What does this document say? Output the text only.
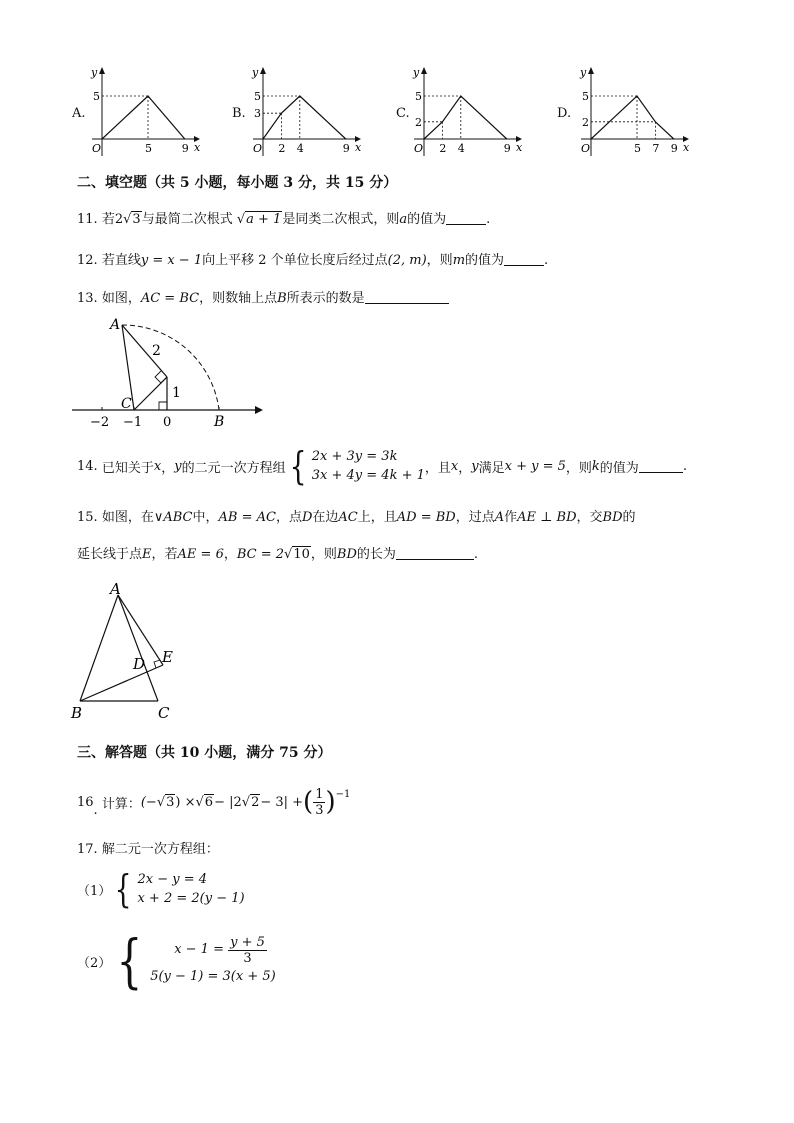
A.
x
y
O	5	9
5
B.
x
y
O 2 4	9
5
3	C.
x
y
O 2 4	9
5
2
D.
x
y
O	5 7 9
5
2
二、填空题（共 5 小题，每小题 3 分，共 15 分）
11. 若2√3与最简二次根式 √a + 1是同类二次根式，则a的值为	.
12. 若直线y = x − 1向上平移 2 个单位长度后经过点(2, m)，则m的值为	.
13. 如图，AC = BC，则数轴上点B所表示的数是
A
2
1
C
−2 −1 0	B
14.
已知关于 x ， y 的二元一次方程组 { 2x + 3y = 3k
3x + 4y = 4k + 1 ，且 x ， y 满足 x + y = 5 ，则 k 的值为	.
15. 如图，在∨ABC中，AB = AC，点D在边AC上，且AD = BD，过点A作AE ⊥ BD，交BD的
延长线于点E，若AE = 6，BC = 2√10，则BD的长为	.
A
B	C
D E
三、解答题（共 10 小题，满分 75 分）
16
.
计算： (− √ 3 ) × √ 6 − |2 √ 2 − 3| + ( $\frac{1}{3} )^{-1}$
17. 解二元一次方程组：
（1） { 2x − y = 4
x + 2 = 2(y − 1)
（2） { x − 1 =
$\frac{y + 5}{3}$
5(y − 1) = 3(x + 5)
